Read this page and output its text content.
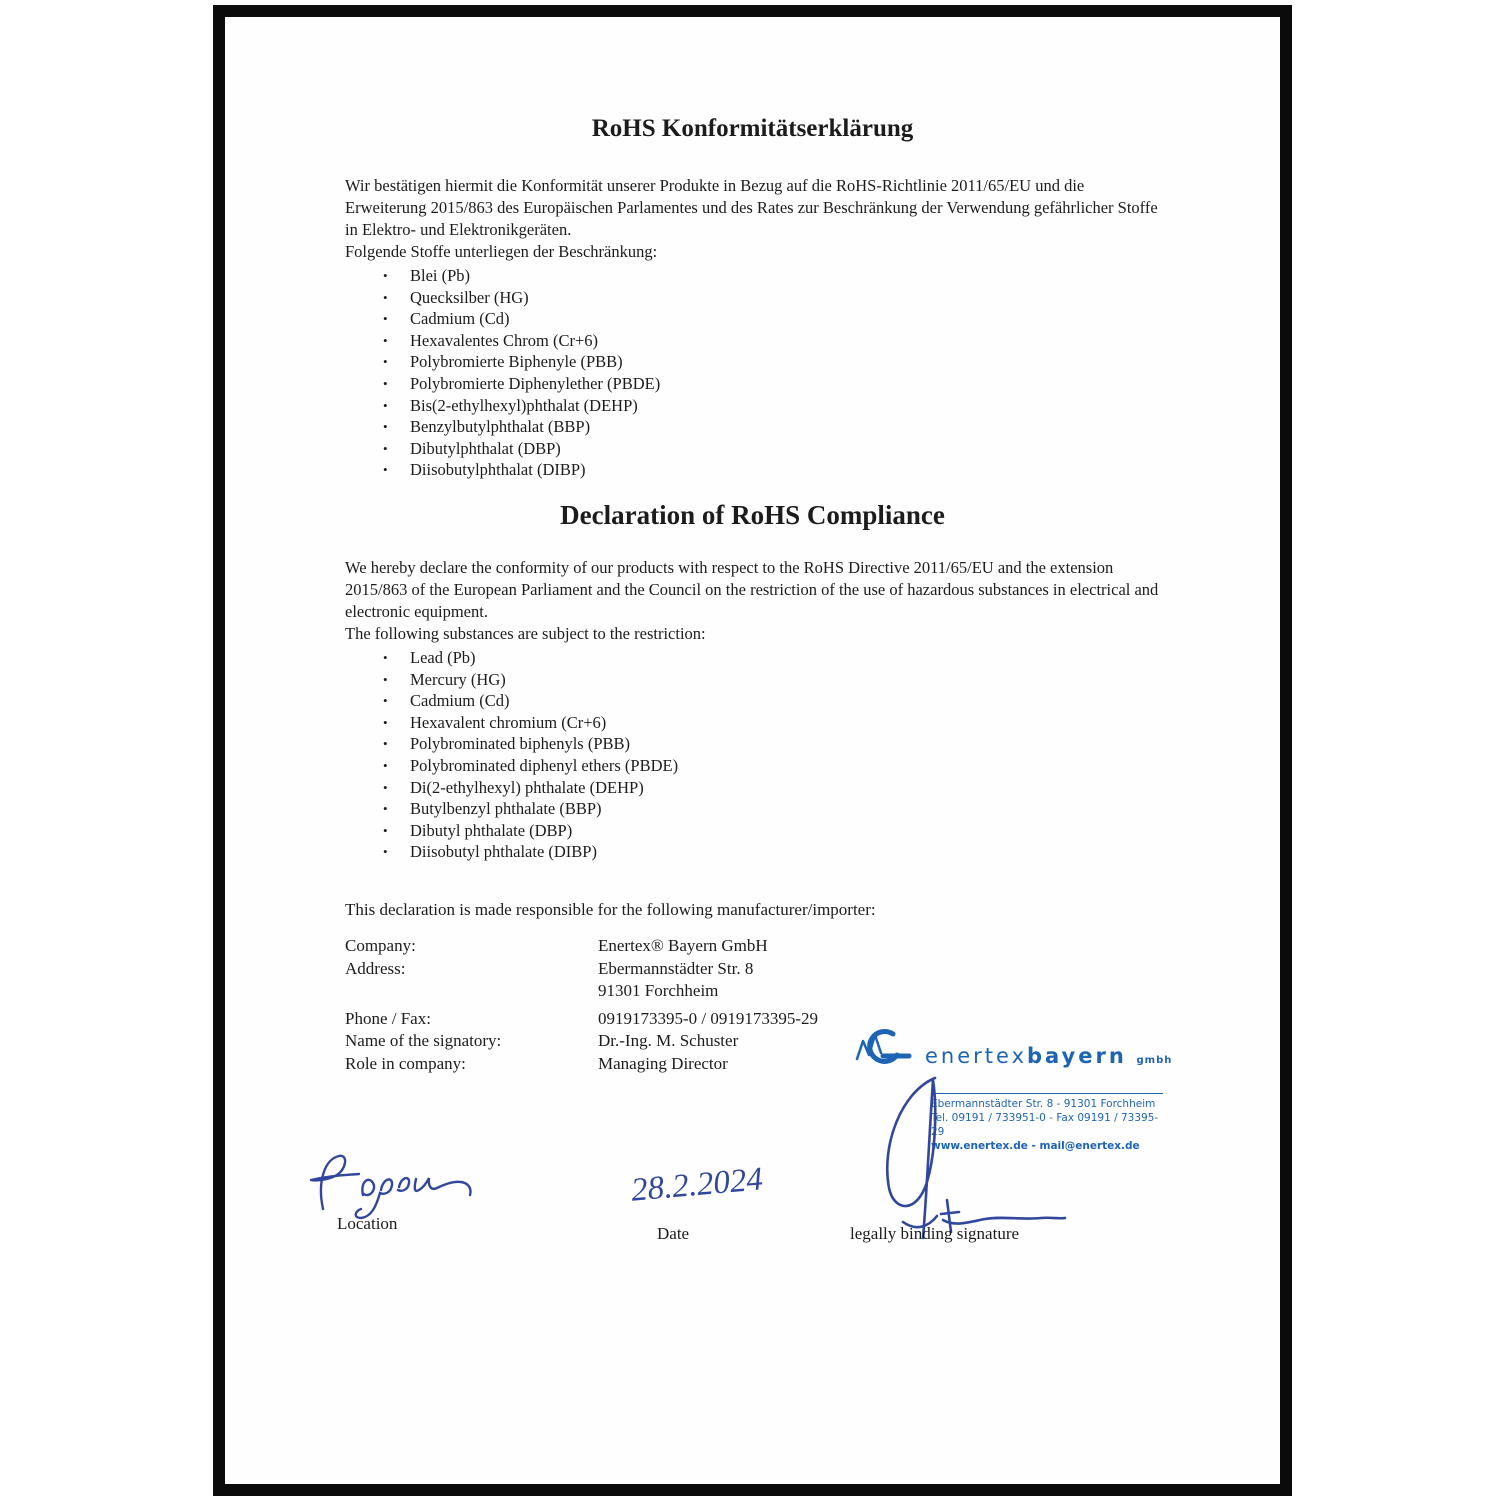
RoHS Konformitätserklärung

Wir bestätigen hiermit die Konformität unserer Produkte in Bezug auf die RoHS-Richtlinie 2011/65/EU und die Erweiterung 2015/863 des Europäischen Parlamentes und des Rates zur Beschränkung der Verwendung gefährlicher Stoffe in Elektro- und Elektronikgeräten.

Folgende Stoffe unterliegen der Beschränkung:

• Blei (Pb)
• Quecksilber (HG)
• Cadmium (Cd)
• Hexavalentes Chrom (Cr+6)
• Polybromierte Biphenyle (PBB)
• Polybromierte Diphenylether (PBDE)
• Bis(2-ethylhexyl)phthalat (DEHP)
• Benzylbutylphthalat (BBP)
• Dibutylphthalat (DBP)
• Diisobutylphthalat (DIBP)
Declaration of RoHS Compliance

We hereby declare the conformity of our products with respect to the RoHS Directive 2011/65/EU and the extension 2015/863 of the European Parliament and the Council on the restriction of the use of hazardous substances in electrical and electronic equipment.

The following substances are subject to the restriction:

• Lead (Pb)
• Mercury (HG)
• Cadmium (Cd)
• Hexavalent chromium (Cr+6)
• Polybrominated biphenyls (PBB)
• Polybrominated diphenyl ethers (PBDE)
• Di(2-ethylhexyl) phthalate (DEHP)
• Butylbenzyl phthalate (BBP)
• Dibutyl phthalate (DBP)
• Diisobutyl phthalate (DIBP)
This declaration is made responsible for the following manufacturer/importer:
Company:	Enertex® Bayern GmbH
Address:	Ebermannstädter Str. 8
91301 Forchheim
Phone / Fax:	0919173395-0 / 0919173395-29
Name of the signatory:	Dr.-Ing. M. Schuster
Role in company:	Managing Director	enertexbayern gmbh
Ebermannstädter Str. 8 - 91301 Forchheim
Tel. 09191 / 733951-0 - Fax 09191 / 73395-29
www.enertex.de - mail@enertex.de
Location
28.2.2024
Date	legally binding signature
